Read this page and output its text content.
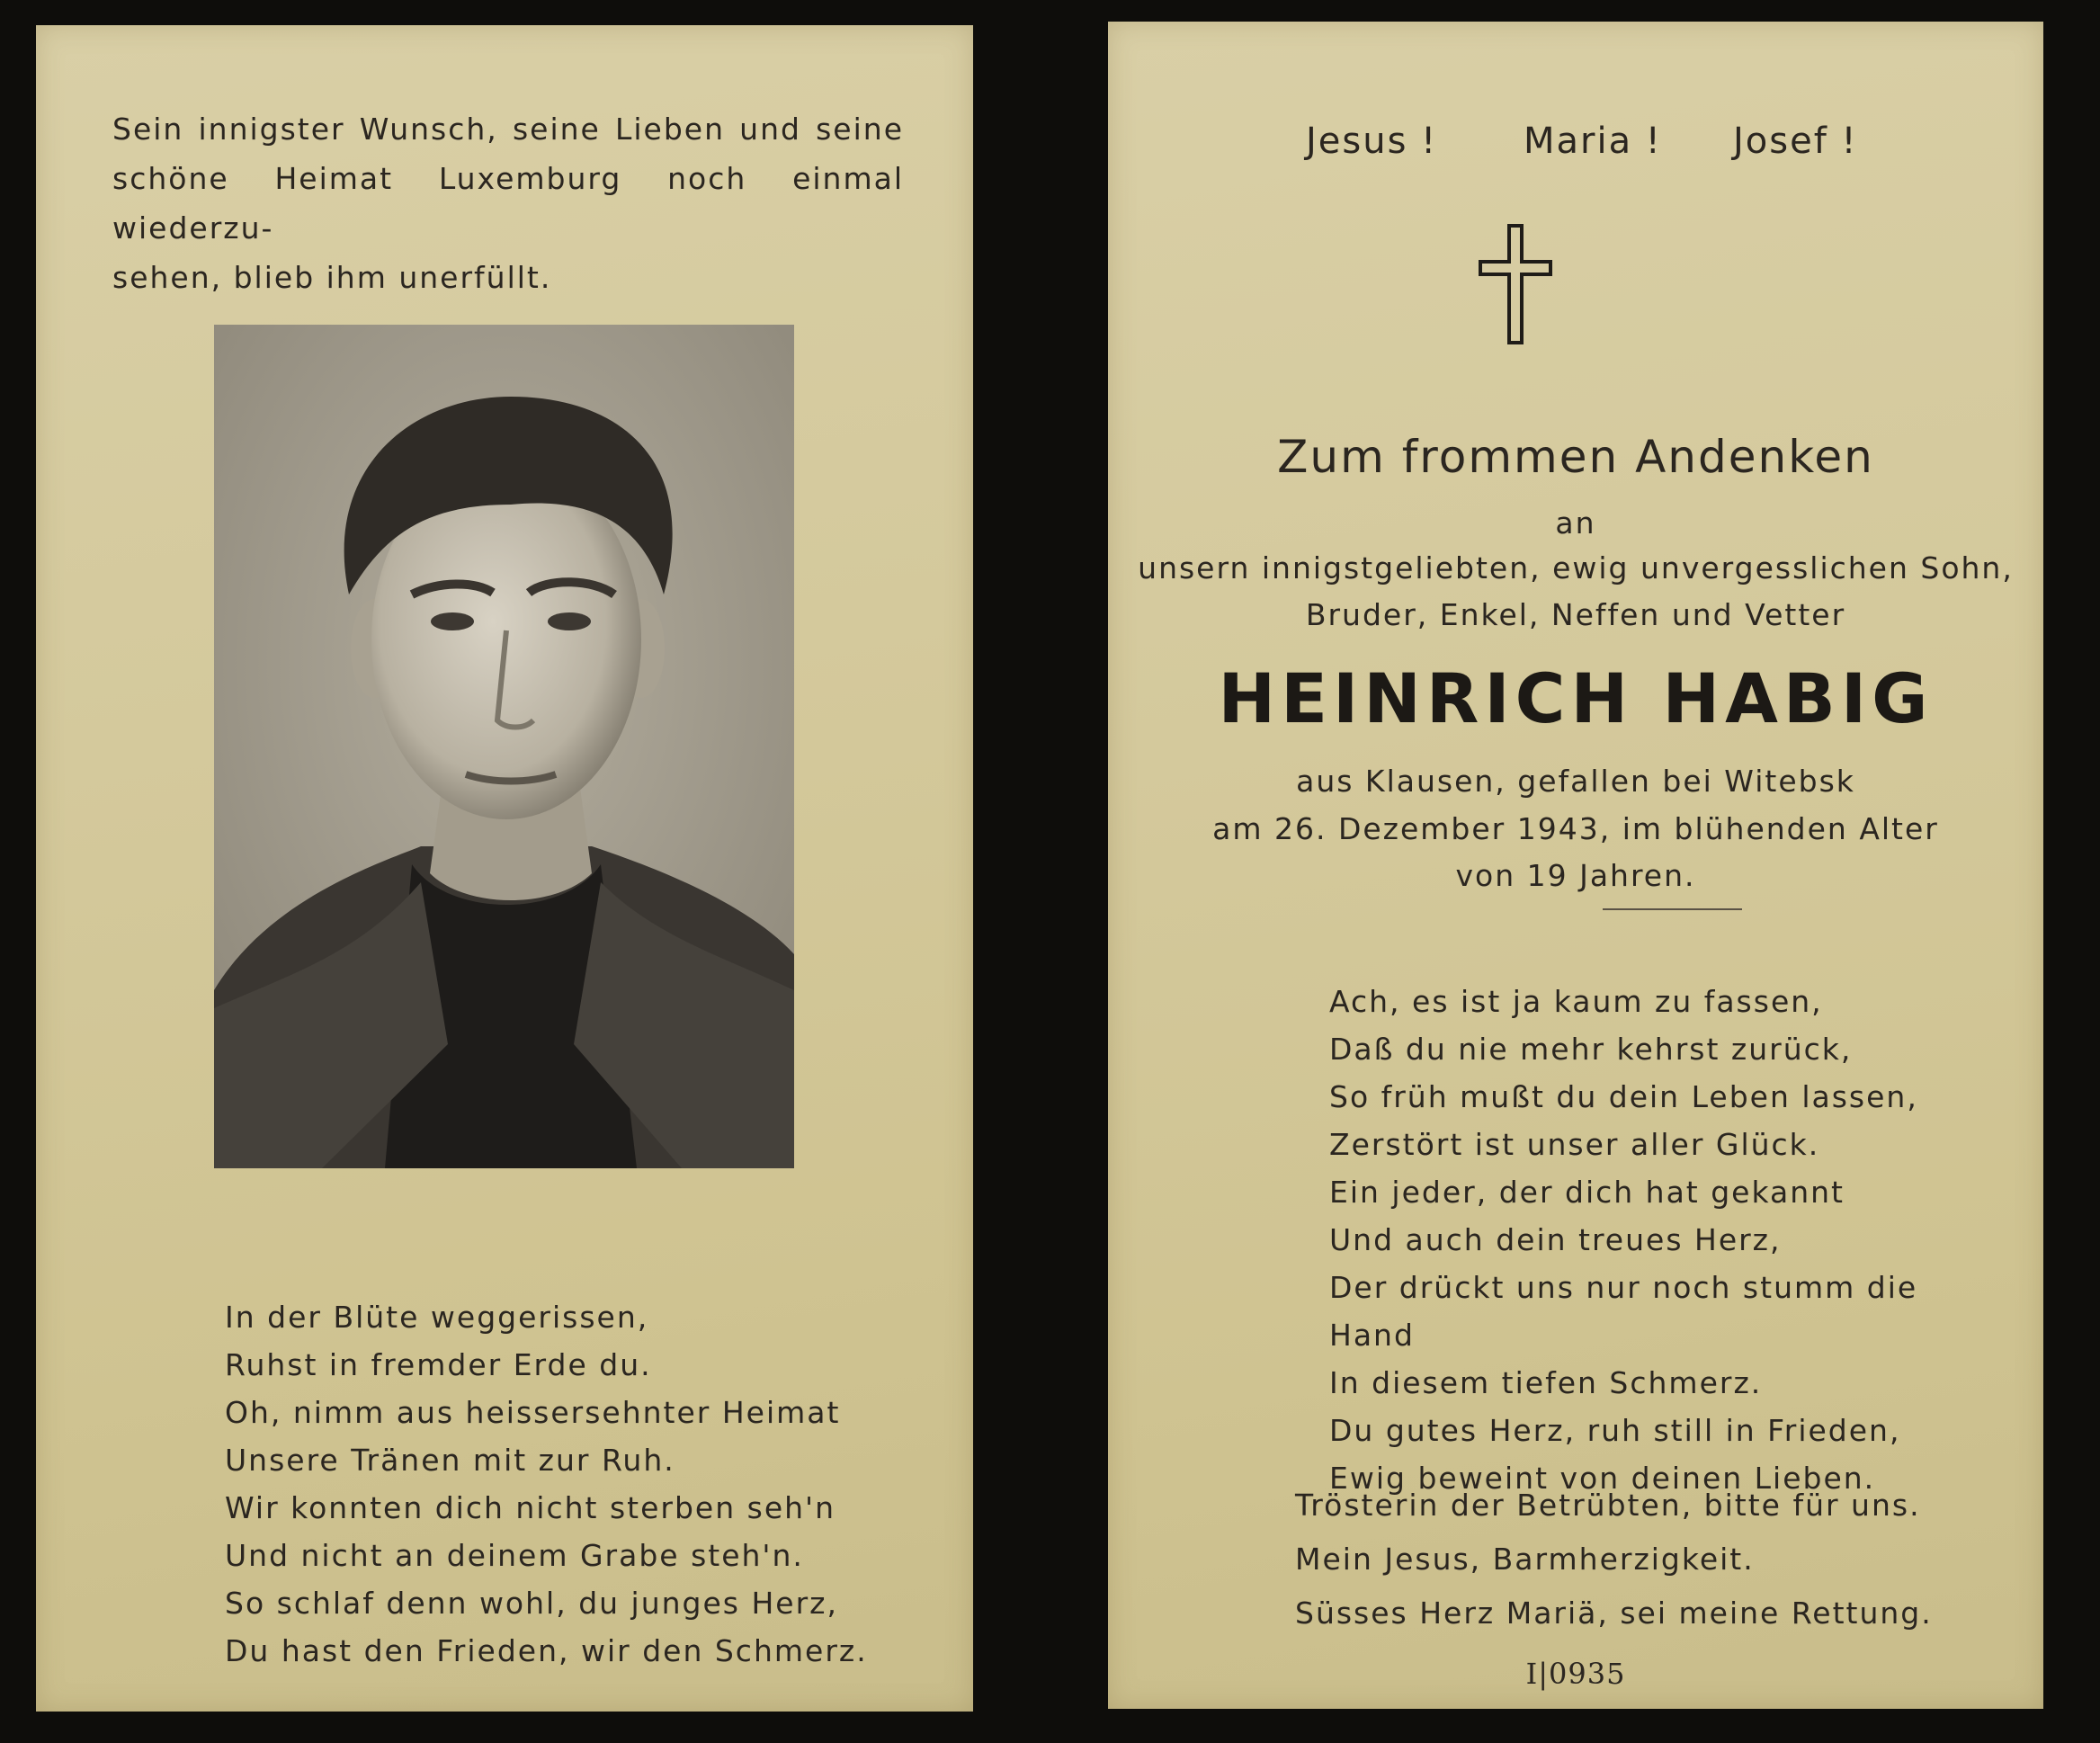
Sein innigster Wunsch, seine Lieben und seine
schöne Heimat Luxemburg noch einmal wiederzu-
sehen, blieb ihm unerfüllt.
In der Blüte weggerissen,
Ruhst in fremder Erde du.
Oh, nimm aus heissersehnter Heimat
Unsere Tränen mit zur Ruh.
Wir konnten dich nicht sterben seh'n
Und nicht an deinem Grabe steh'n.
So schlaf denn wohl, du junges Herz,
Du hast den Frieden, wir den Schmerz.
Jesus ! Maria ! Josef !
Zum frommen Andenken
an
unsern innigstgeliebten, ewig unvergesslichen Sohn,
Bruder, Enkel, Neffen und Vetter
HEINRICH HABIG
aus Klausen, gefallen bei Witebsk
am 26. Dezember 1943, im blühenden Alter
von 19 Jahren.
Ach, es ist ja kaum zu fassen,
Daß du nie mehr kehrst zurück,
So früh mußt du dein Leben lassen,
Zerstört ist unser aller Glück.
Ein jeder, der dich hat gekannt
Und auch dein treues Herz,
Der drückt uns nur noch stumm die Hand
In diesem tiefen Schmerz.
Du gutes Herz, ruh still in Frieden,
Ewig beweint von deinen Lieben.
Trösterin der Betrübten, bitte für uns.
Mein Jesus, Barmherzigkeit.
Süsses Herz Mariä, sei meine Rettung.
I|0935
